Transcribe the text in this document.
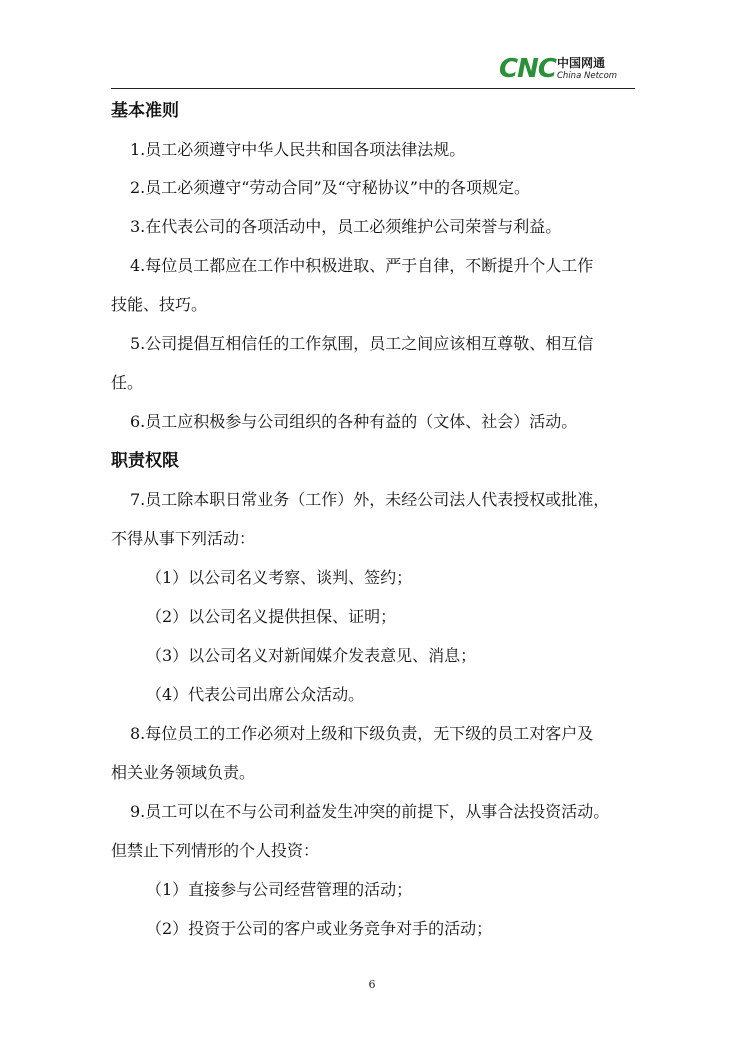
CNC 中国网通
China Netcom
基本准则
1.员工必须遵守中华人民共和国各项法律法规。
2.员工必须遵守“劳动合同”及“守秘协议”中的各项规定。
3.在代表公司的各项活动中，员工必须维护公司荣誉与利益。
4.每位员工都应在工作中积极进取、严于自律，不断提升个人工作
技能、技巧。
5.公司提倡互相信任的工作氛围，员工之间应该相互尊敬、相互信
任。
6.员工应积极参与公司组织的各种有益的（文体、社会）活动。
职责权限
7.员工除本职日常业务（工作）外，未经公司法人代表授权或批准，
不得从事下列活动：
（1）以公司名义考察、谈判、签约；
（2）以公司名义提供担保、证明；
（3）以公司名义对新闻媒介发表意见、消息；
（4）代表公司出席公众活动。
8.每位员工的工作必须对上级和下级负责，无下级的员工对客户及
相关业务领域负责。
9.员工可以在不与公司利益发生冲突的前提下，从事合法投资活动。
但禁止下列情形的个人投资：
（1）直接参与公司经营管理的活动；
（2）投资于公司的客户或业务竞争对手的活动；
6
